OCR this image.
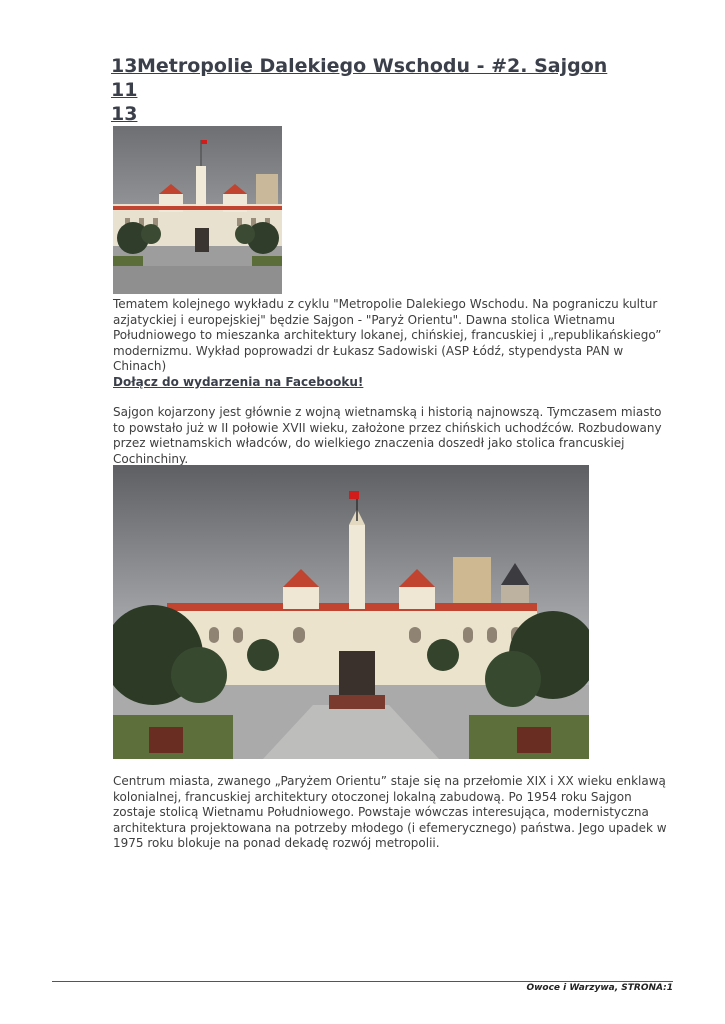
13
11
13
Metropolie Dalekiego Wschodu - #2. Sajgon

Tematem kolejnego wykładu z cyklu "Metropolie Dalekiego Wschodu. Na pograniczu kultur azjatyckiej i europejskiej" będzie Sajgon - "Paryż Orientu". Dawna stolica Wietnamu Południowego to mieszanka architektury lokanej, chińskiej, francuskiej i „republikańskiego” modernizmu. Wykład poprowadzi dr Łukasz Sadowiski (ASP Łódź, stypendysta PAN w Chinach)

Dołącz do wydarzenia na Facebooku!

Sajgon kojarzony jest głównie z wojną wietnamską i historią najnowszą. Tymczasem miasto to powstało już w II połowie XVII wieku, założone przez chińskich uchodźców. Rozbudowany przez wietnamskich władców, do wielkiego znaczenia doszedł jako stolica francuskiej Cochinchiny.

Centrum miasta, zwanego „Paryżem Orientu” staje się na przełomie XIX i XX wieku enklawą kolonialnej, francuskiej architektury otoczonej lokalną zabudową. Po 1954 roku Sajgon zostaje stolicą Wietnamu Południowego. Powstaje wówczas interesująca, modernistyczna architektura projektowana na potrzeby młodego (i efemerycznego) państwa. Jego upadek w 1975 roku blokuje na ponad dekadę rozwój metropolii.

Owoce i Warzywa, STRONA:1
